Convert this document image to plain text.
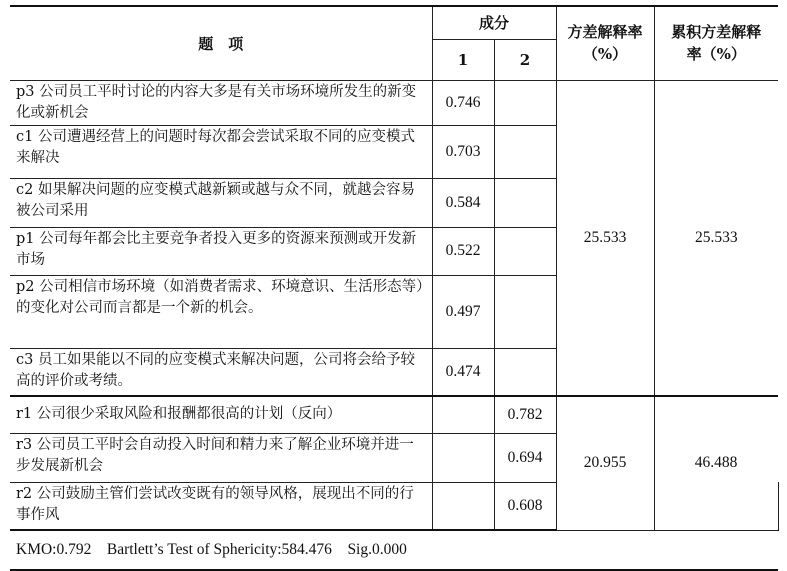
题　项	成分		方差解释率（%）	累积方差解释率（%）	
	1	2			
p3 公司员工平时讨论的内容大多是有关市场环境所发生的新变化或新机会	0.746		25.533	25.533	
c1 公司遭遇经营上的问题时每次都会尝试采取不同的应变模式来解决	0.703				
c2 如果解决问题的应变模式越新颖或越与众不同，就越会容易被公司采用	0.584				
p1 公司每年都会比主要竞争者投入更多的资源来预测或开发新市场	0.522				
p2 公司相信市场环境（如消费者需求、环境意识、生活形态等）的变化对公司而言都是一个新的机会。	0.497				
c3 员工如果能以不同的应变模式来解决问题，公司将会给予较高的评价或考绩。	0.474				
r1 公司很少采取风险和报酬都很高的计划（反向）		0.782	20.955	46.488	
r3 公司员工平时会自动投入时间和精力来了解企业环境并进一步发展新机会		0.694			
r2 公司鼓励主管们尝试改变既有的领导风格，展现出不同的行事作风		0.608			
KMO:0.792 Bartlett’s Test of Sphericity:584.476 Sig.0.000					
